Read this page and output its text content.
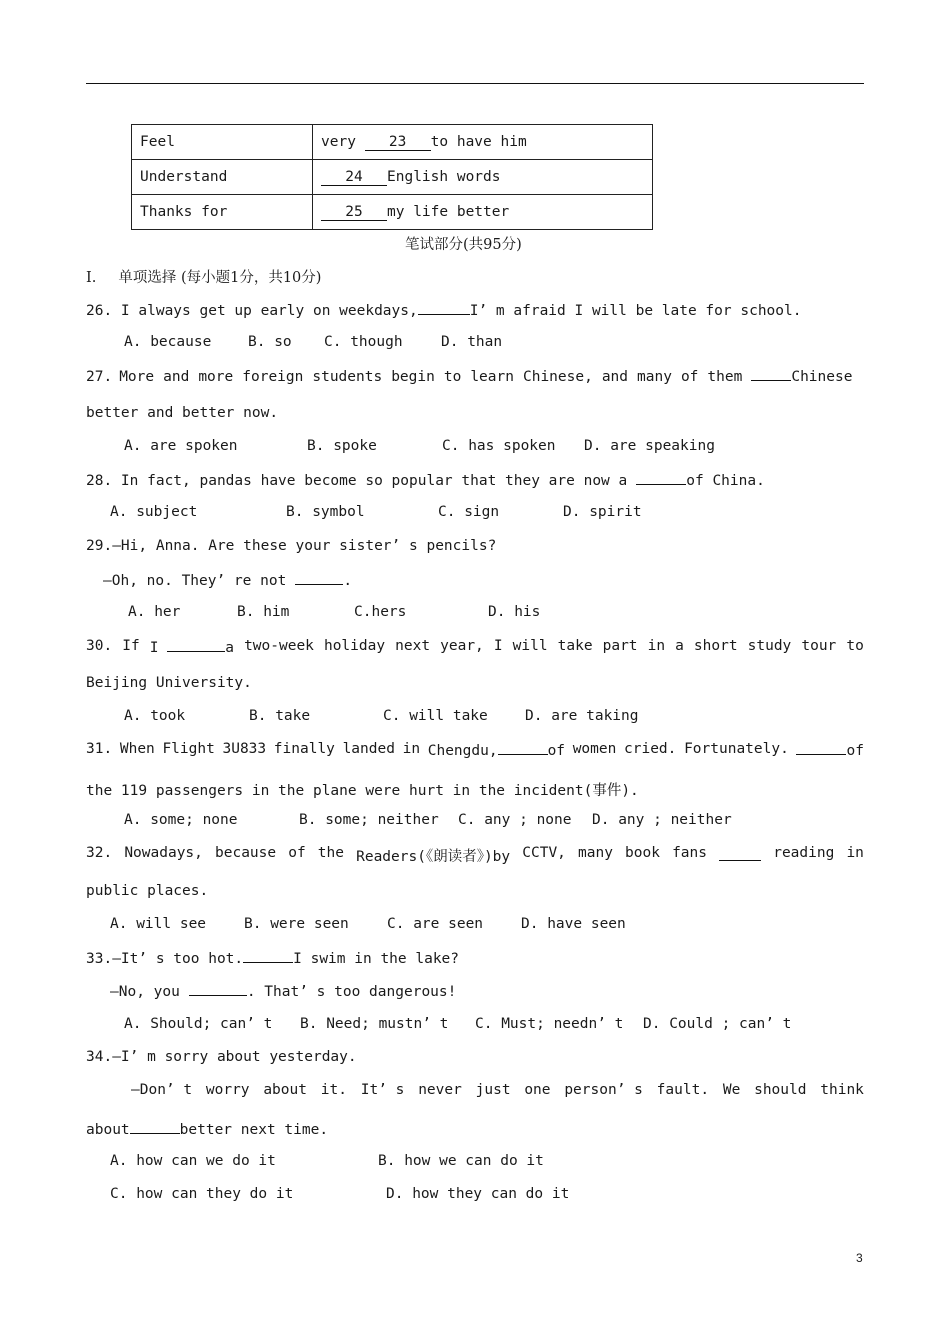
Feel	very 23 to have him
Understand	24 English words
Thanks for	25 my life better
笔试部分(共95分)
I. 单项选择 (每小题1分，共10分)
26. I always get up early on weekdays,	I’ m afraid I will be late for school.
A. because	B. so C. though	D. than
27. More and more foreign students begin to learn Chinese, and many of them	Chinese
better and better now.
A. are spoken	B. spoke	C. has spoken D. are speaking
28. In fact, pandas have become so popular that they are now a	of China.
A. subject	B. symbol	C. sign	D. spirit
29.—Hi, Anna. Are these your sister’ s pencils?
—Oh, no. They’ re not	.
A. her	B. him	C.hers	D. his
30. If I	a two-week holiday next year, I will take part in a short study tour to
Beijing University.
A. took	B. take	C. will take	D. are taking
31. When Flight 3U833 finally landed in Chengdu,	of women cried. Fortunately.	of
the 119 passengers in the plane were hurt in the incident(事件).
A. some; none	B. some; neither C. any ; none D. any ; neither
32. Nowadays, because of the Readers(《朗读者》)by CCTV, many book fans	reading in
public places.
A. will see	B. were seen	C. are seen	D. have seen
33.—It’ s too hot.	I swim in the lake?
—No, you	. That’ s too dangerous!
A. Should; can’ t B. Need; mustn’ t C. Must; needn’ t D. Could ; can’ t
34.—I’ m sorry about yesterday.
—Don’ t worry about it. It’ s never just one person’ s fault. We should think
about	better next time.
A. how can we do it	B. how we can do it
C. how can they do it	D. how they can do it
3
